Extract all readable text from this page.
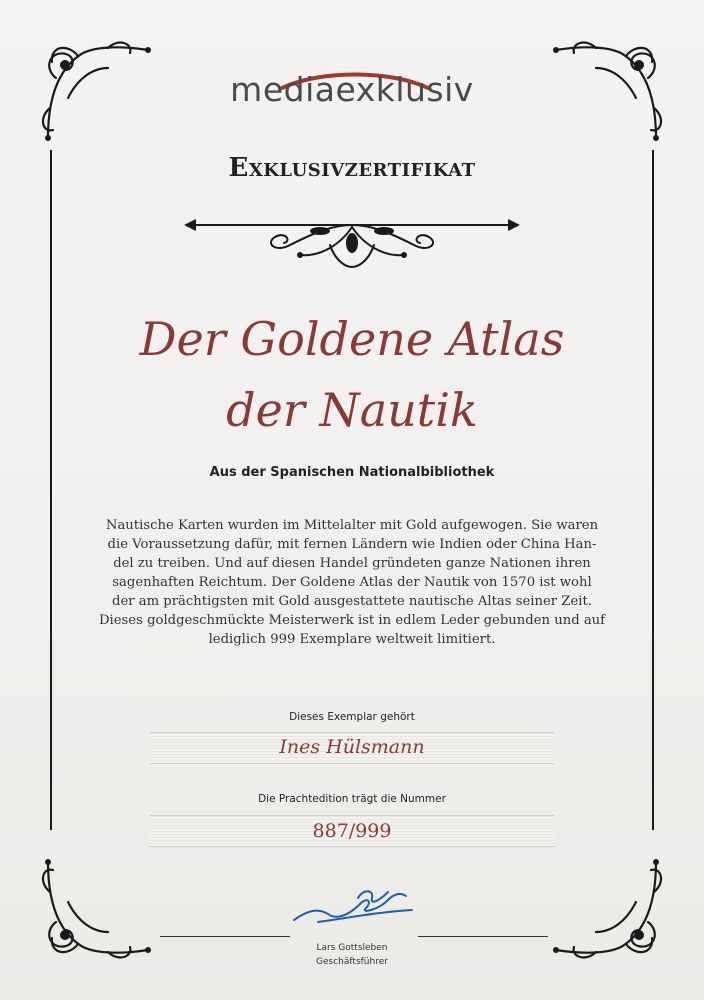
mediaexklusiv
Exklusivzertifikat
Der Goldene Atlas
der Nautik
Aus der Spanischen Nationalbibliothek
Nautische Karten wurden im Mittelalter mit Gold aufgewogen. Sie waren
die Voraussetzung dafür, mit fernen Ländern wie Indien oder China Han-
del zu treiben. Und auf diesen Handel gründeten ganze Nationen ihren
sagenhaften Reichtum. Der Goldene Atlas der Nautik von 1570 ist wohl
der am prächtigsten mit Gold ausgestattete nautische Altas seiner Zeit.
Dieses goldgeschmückte Meisterwerk ist in edlem Leder gebunden und auf
lediglich 999 Exemplare weltweit limitiert.
Dieses Exemplar gehört
Ines Hülsmann
Die Prachtedition trägt die Nummer
887/999
Lars Gottsleben
Geschäftsführer
